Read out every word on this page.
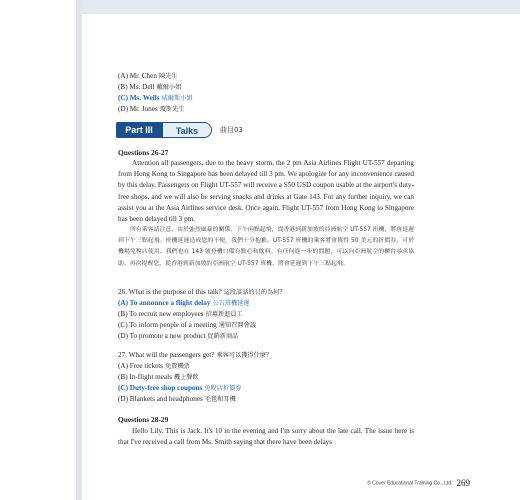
(A) Mr. Chen 陳先生
(B) Ms. Dell 戴爾小姐
(C) Ms. Wells 威爾斯小姐
(D) Mr. Jones 瓊斯先生
Part III	Talks	曲目03
Questions 26-27
Attention all passengers, due to the heavy storm, the 2 pm Asia Airlines Flight UT-557 departing from Hong Kong to Singapore has been delayed till 3 pm. We apologize for any inconvenience caused by this delay. Passengers on Flight UT-557 will receive a S50 USD coupon usable at the airport's duty-free shops, and we will also be serving snacks and drinks at Gate 143. For any further inquiry, we can assist you at the Asia Airlines service desk. Once again, Flight UT-557 from Hong Kong to Singapore has been delayed till 3 pm.
所有乘客請注意，由於強烈風暴的關係，下午兩點起飛，從香港到新加坡的亞洲航空 UT-557 班機，將會延遲到下午三點起飛。班機延遲造成您的不便，我們十分抱歉。UT-557 班機的乘客將會獲得 50 美元的折價券，可於機場免稅店使用。我們也在 143 號登機口備有點心和飲料。有任何進一步的問題，可以向亞洲航空的櫃台尋求協助。再次提醒您，從香港到新加坡的亞洲航空 UT-557 班機，將會延遲到下午三點起飛。
26. What is the purpose of this talk? 這段談話的目的為何？
(A) To announce a flight delay 公告班機延遲
(B) To recruit new employees 招募新進員工
(C) To inform people of a meeting 通知召開會議
(D) To promote a new product 促銷新商品
27. What will the passengers get? 乘客可以獲得什麼？
(A) Free tickets 免費機票
(B) In-flight meals 機上餐飲
(C) Duty-free shop coupons 免稅店折價券
(D) Blankets and headphones 毛毯和耳機
Questions 28-29
Hello Lily. This is Jack. It's 10 in the evening and I'm sorry about the late call. The issue here is that I've received a call from Ms. Smith saying that there have been delays
© Cover Educational Training Co., Ltd. 269
